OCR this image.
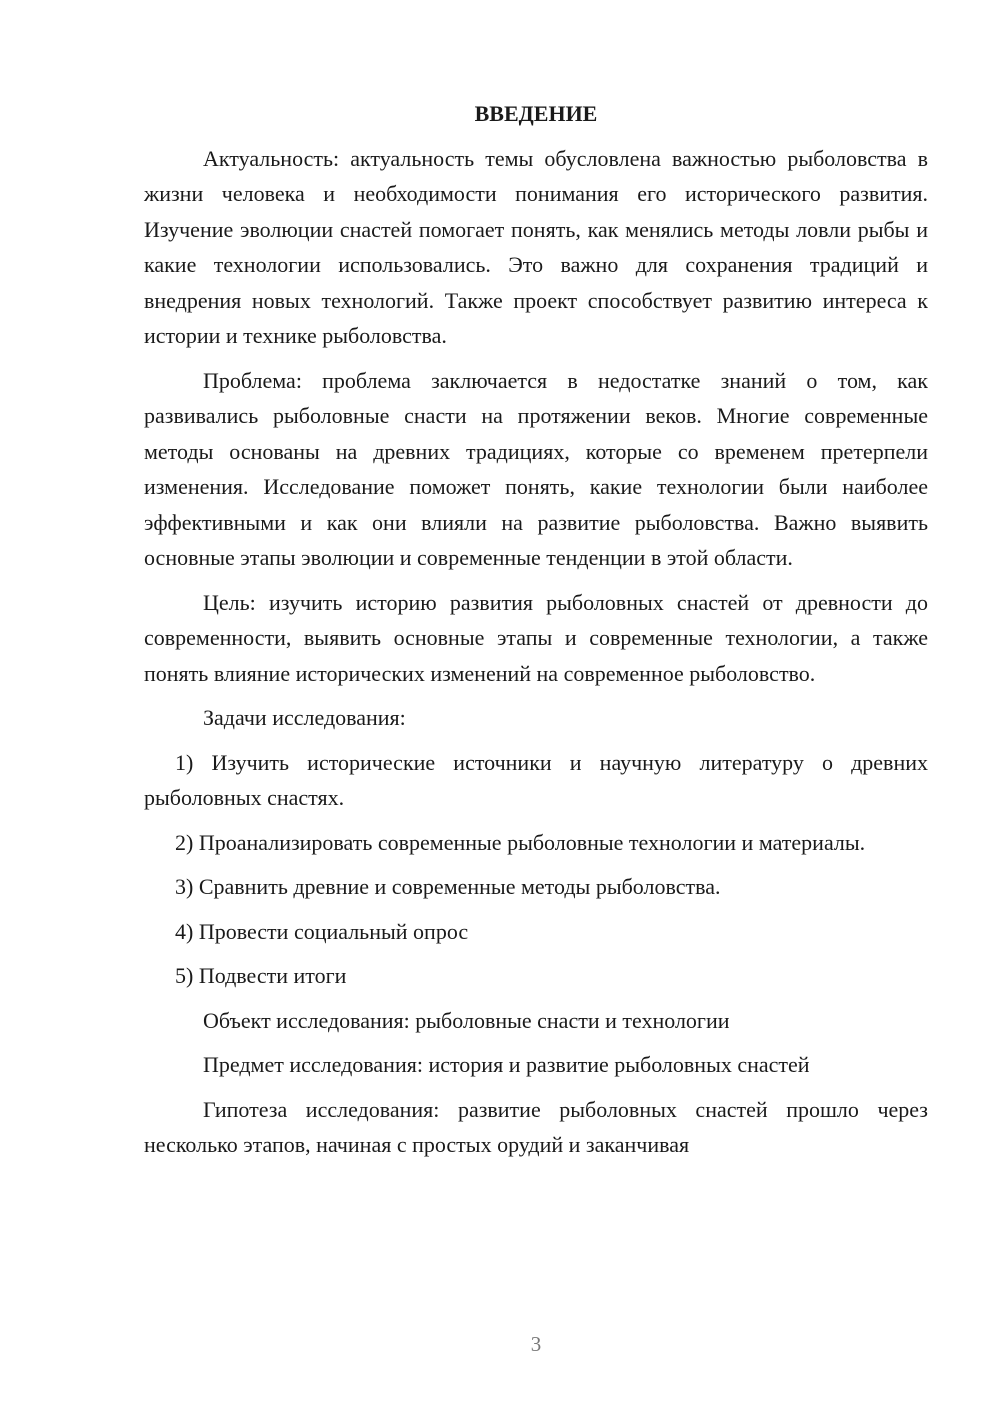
ВВЕДЕНИЕ

Актуальность: актуальность темы обусловлена важностью рыболовства в жизни человека и необходимости понимания его исторического развития. Изучение эволюции снастей помогает понять, как менялись методы ловли рыбы и какие технологии использовались. Это важно для сохранения традиций и внедрения новых технологий. Также проект способствует развитию интереса к истории и технике рыболовства.

Проблема: проблема заключается в недостатке знаний о том, как развивались рыболовные снасти на протяжении веков. Многие современные методы основаны на древних традициях, которые со временем претерпели изменения. Исследование поможет понять, какие технологии были наиболее эффективными и как они влияли на развитие рыболовства. Важно выявить основные этапы эволюции и современные тенденции в этой области.

Цель: изучить историю развития рыболовных снастей от древности до современности, выявить основные этапы и современные технологии, а также понять влияние исторических изменений на современное рыболовство.

Задачи исследования:

1) Изучить исторические источники и научную литературу о древних рыболовных снастях.

2) Проанализировать современные рыболовные технологии и материалы.

3) Сравнить древние и современные методы рыболовства.

4) Провести социальный опрос

5) Подвести итоги

Объект исследования: рыболовные снасти и технологии

Предмет исследования: история и развитие рыболовных снастей

Гипотеза исследования: развитие рыболовных снастей прошло через несколько этапов, начиная с простых орудий и заканчивая

3
